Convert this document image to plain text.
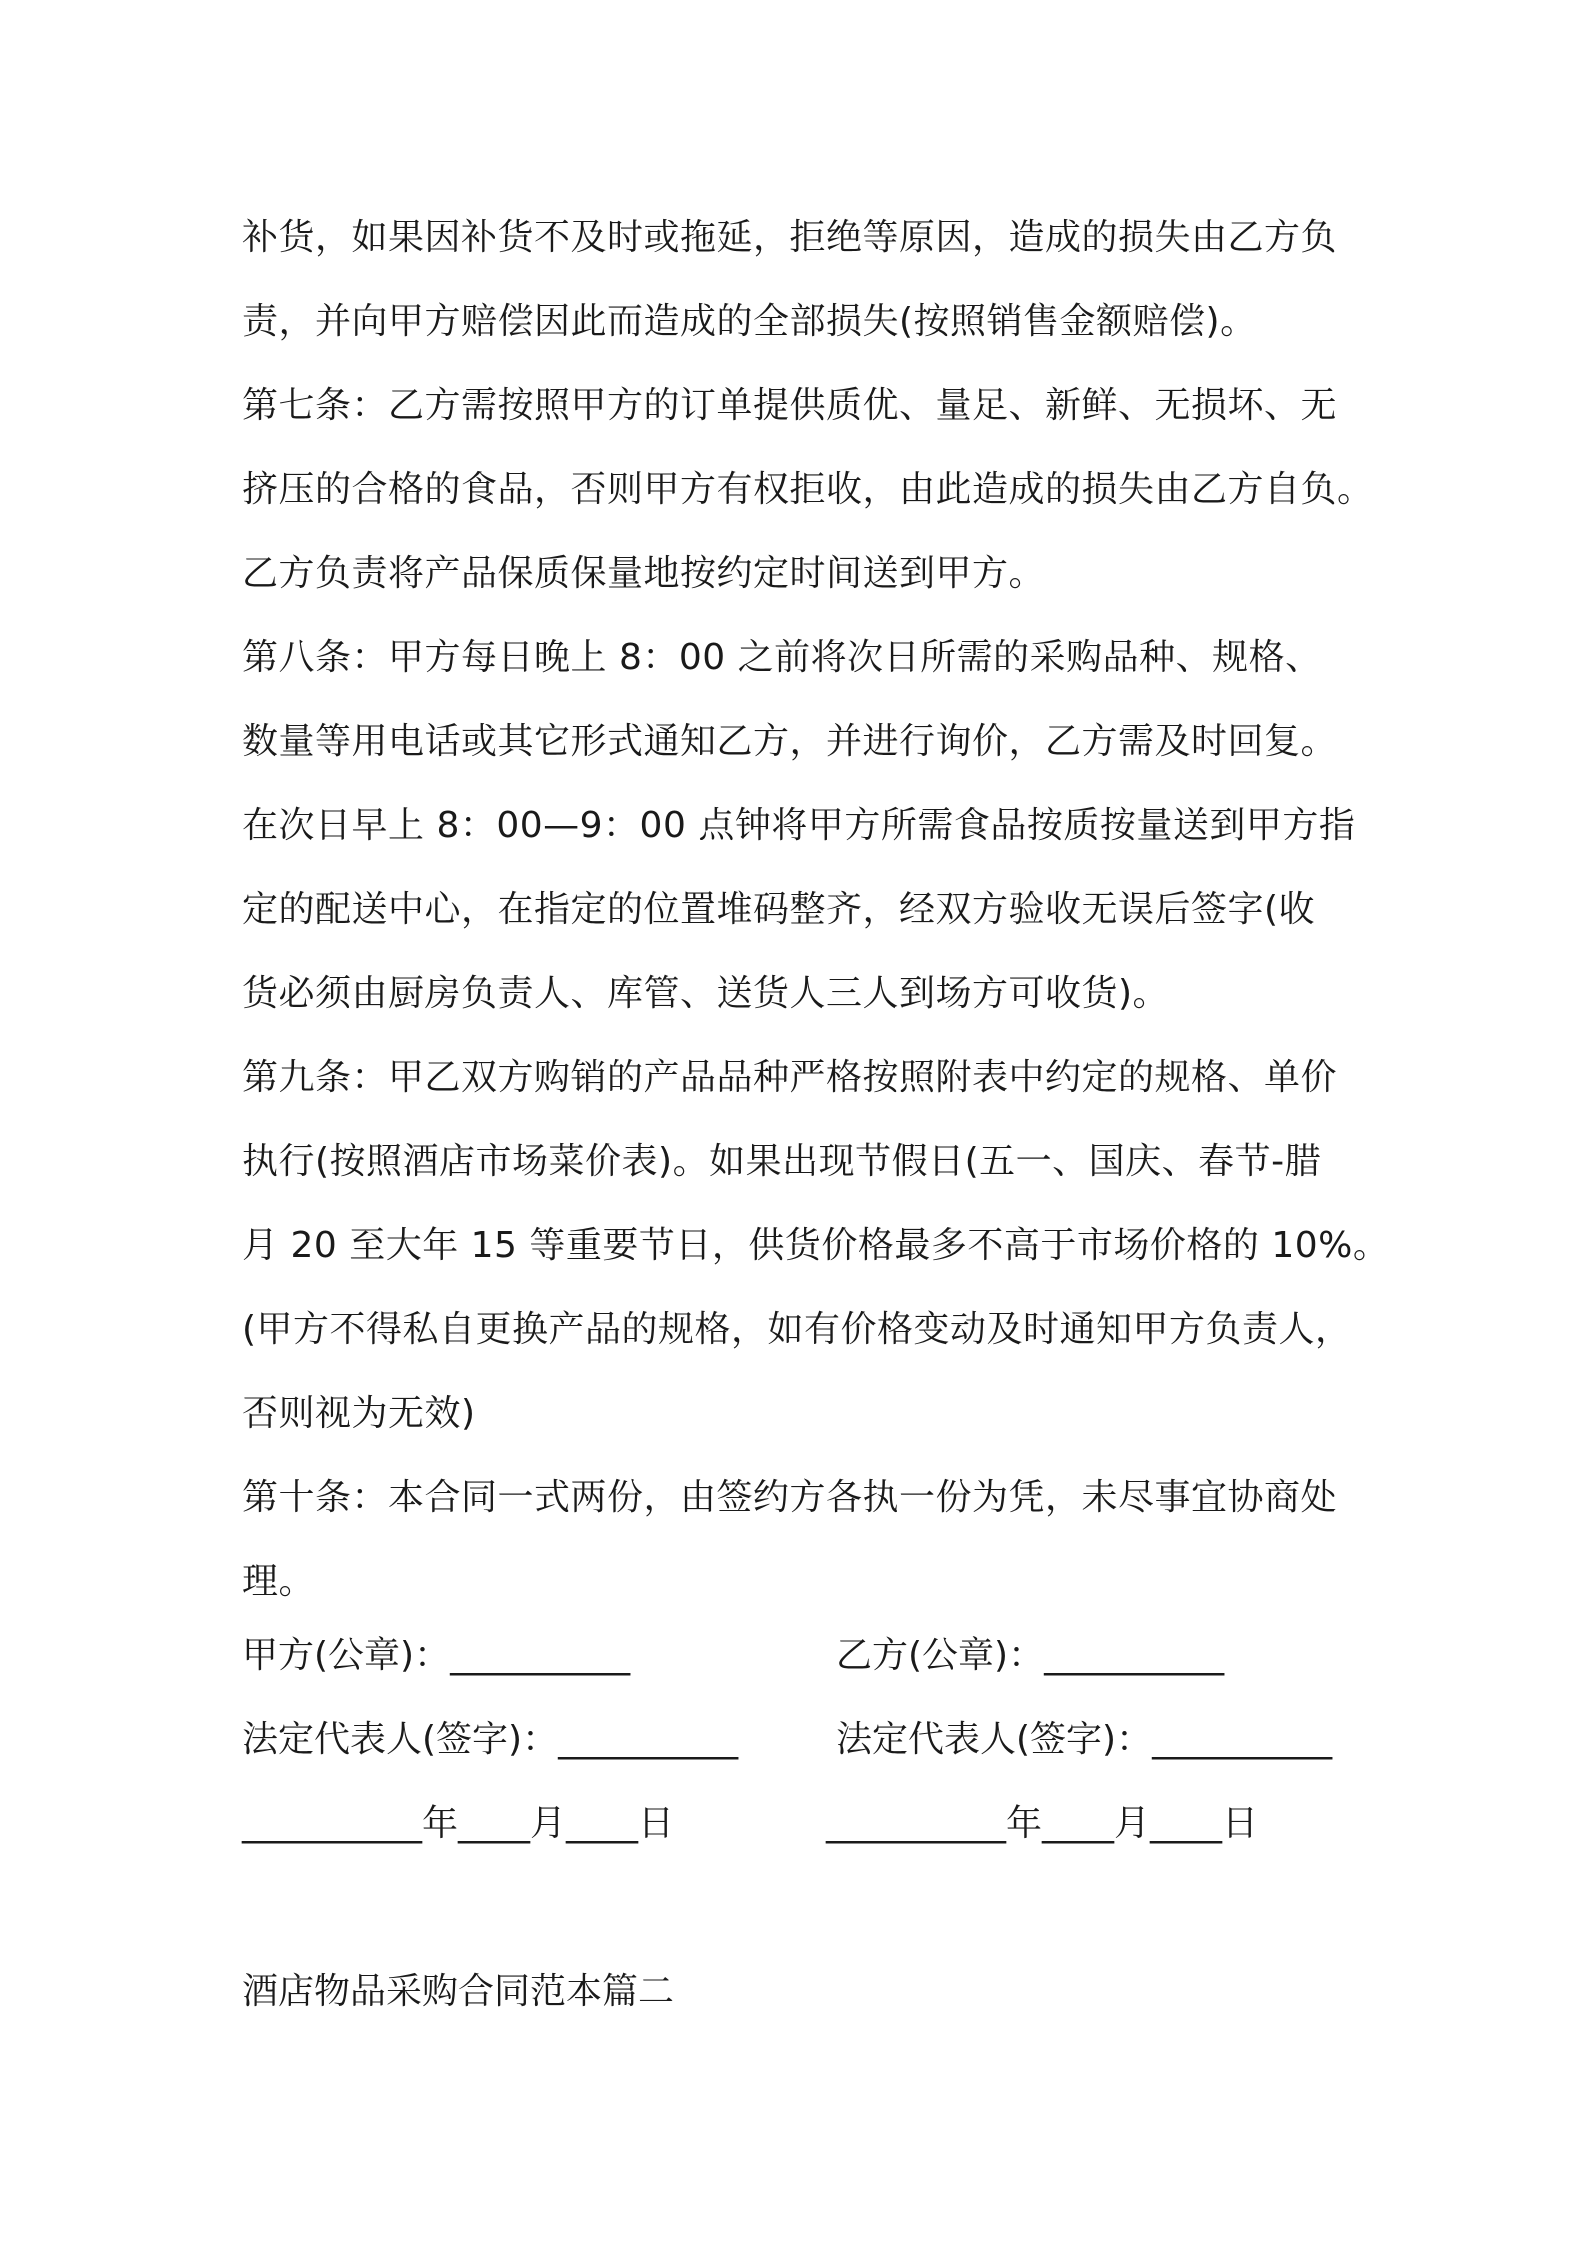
补货，如果因补货不及时或拖延，拒绝等原因，造成的损失由乙方负
责，并向甲方赔偿因此而造成的全部损失(按照销售金额赔偿)。
第七条：乙方需按照甲方的订单提供质优、量足、新鲜、无损坏、无
挤压的合格的食品，否则甲方有权拒收，由此造成的损失由乙方自负。
乙方负责将产品保质保量地按约定时间送到甲方。
第八条：甲方每日晚上 8：00 之前将次日所需的采购品种、规格、
数量等用电话或其它形式通知乙方，并进行询价，乙方需及时回复。
在次日早上 8：00—9：00 点钟将甲方所需食品按质按量送到甲方指
定的配送中心，在指定的位置堆码整齐，经双方验收无误后签字(收
货必须由厨房负责人、库管、送货人三人到场方可收货)。
第九条：甲乙双方购销的产品品种严格按照附表中约定的规格、单价
执行(按照酒店市场菜价表)。如果出现节假日(五一、国庆、春节-腊
月 20 至大年 15 等重要节日，供货价格最多不高于市场价格的 10%。
(甲方不得私自更换产品的规格，如有价格变动及时通知甲方负责人，
否则视为无效)
第十条：本合同一式两份，由签约方各执一份为凭，未尽事宜协商处
理。
甲方(公章)：__________	乙方(公章)：__________
法定代表人(签字)：__________	法定代表人(签字)：__________
__________年____月____日	__________年____月____日
酒店物品采购合同范本篇二
